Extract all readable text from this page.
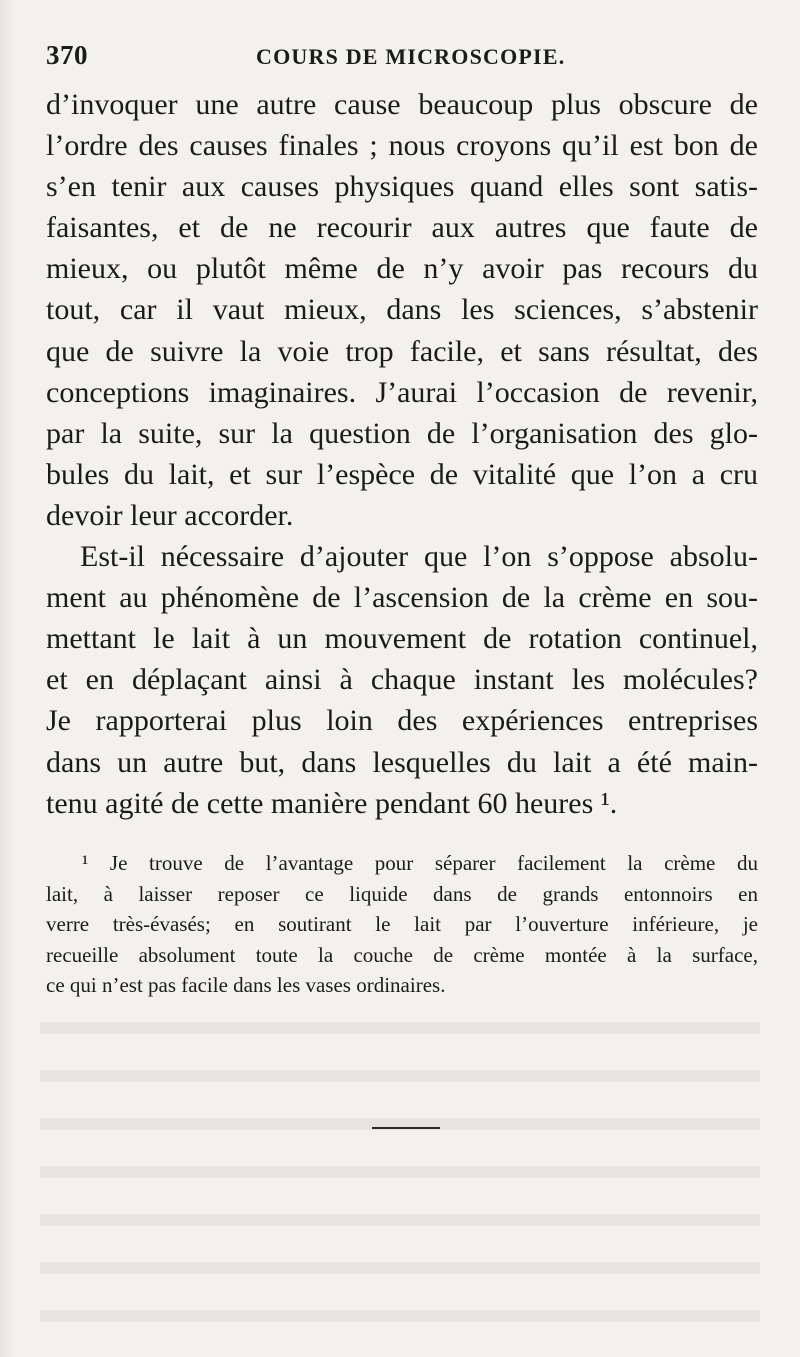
370	COURS DE MICROSCOPIE.
d’invoquer une autre cause beaucoup plus obscure de
l’ordre des causes finales ; nous croyons qu’il est bon de
s’en tenir aux causes physiques quand elles sont satis-
faisantes, et de ne recourir aux autres que faute de
mieux, ou plutôt même de n’y avoir pas recours du
tout, car il vaut mieux, dans les sciences, s’abstenir
que de suivre la voie trop facile, et sans résultat, des
conceptions imaginaires. J’aurai l’occasion de revenir,
par la suite, sur la question de l’organisation des glo-
bules du lait, et sur l’espèce de vitalité que l’on a cru
devoir leur accorder.
Est-il nécessaire d’ajouter que l’on s’oppose absolu-
ment au phénomène de l’ascension de la crème en sou-
mettant le lait à un mouvement de rotation continuel,
et en déplaçant ainsi à chaque instant les molécules?
Je rapporterai plus loin des expériences entreprises
dans un autre but, dans lesquelles du lait a été main-
tenu agité de cette manière pendant 60 heures ¹.
¹ Je trouve de l’avantage pour séparer facilement la crème du
lait, à laisser reposer ce liquide dans de grands entonnoirs en
verre très-évasés; en soutirant le lait par l’ouverture inférieure, je
recueille absolument toute la couche de crème montée à la surface,
ce qui n’est pas facile dans les vases ordinaires.
